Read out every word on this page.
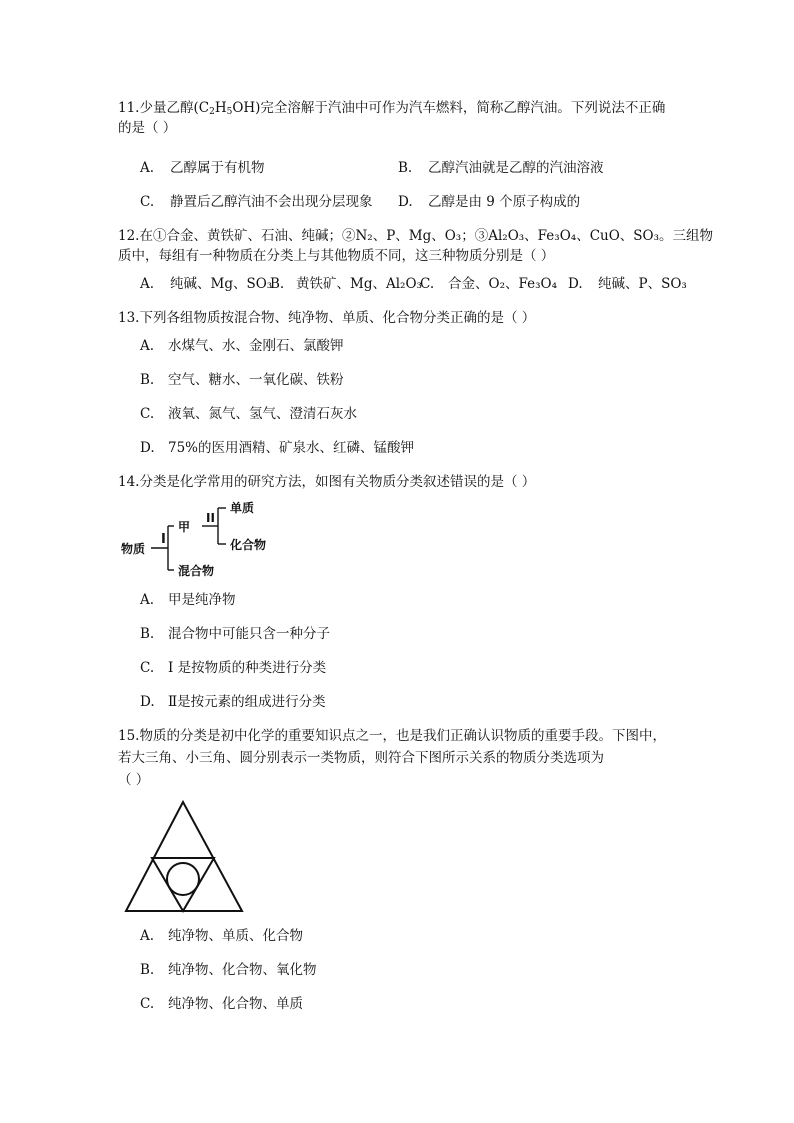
11.少量乙醇$(C_2H_5OH)$完全溶解于汽油中可作为汽车燃料，简称乙醇汽油。下列说法不正确
的是（ ）
A. 乙醇属于有机物	B. 乙醇汽油就是乙醇的汽油溶液
C. 静置后乙醇汽油不会出现分层现象 D. 乙醇是由 9 个原子构成的
12.在①合金、黄铁矿、石油、纯碱；②N₂、P、Mg、O₃；③Al₂O₃、Fe₃O₄、CuO、SO₃。三组物
质中，每组有一种物质在分类上与其他物质不同，这三种物质分别是（ ）
A. 纯碱、Mg、SO₃
B. 黄铁矿、Mg、Al₂O₃
C. 合金、O₂、Fe₃O₄ D. 纯碱、P、SO₃
13.下列各组物质按混合物、纯净物、单质、化合物分类正确的是（ ）
A. 水煤气、水、金刚石、氯酸钾
B. 空气、糖水、一氧化碳、铁粉
C. 液氧、氮气、氢气、澄清石灰水
D. 75%的医用酒精、矿泉水、红磷、锰酸钾
14.分类是化学常用的研究方法，如图有关物质分类叙述错误的是（ ）
物质
I
甲
II
单质
化合物
混合物
A. 甲是纯净物
B. 混合物中可能只含一种分子
C. I 是按物质的种类进行分类
D. Ⅱ是按元素的组成进行分类
15.物质的分类是初中化学的重要知识点之一，也是我们正确认识物质的重要手段。下图中，
若大三角、小三角、圆分别表示一类物质，则符合下图所示关系的物质分类选项为
（ ）
A. 纯净物、单质、化合物
B. 纯净物、化合物、氧化物
C. 纯净物、化合物、单质
